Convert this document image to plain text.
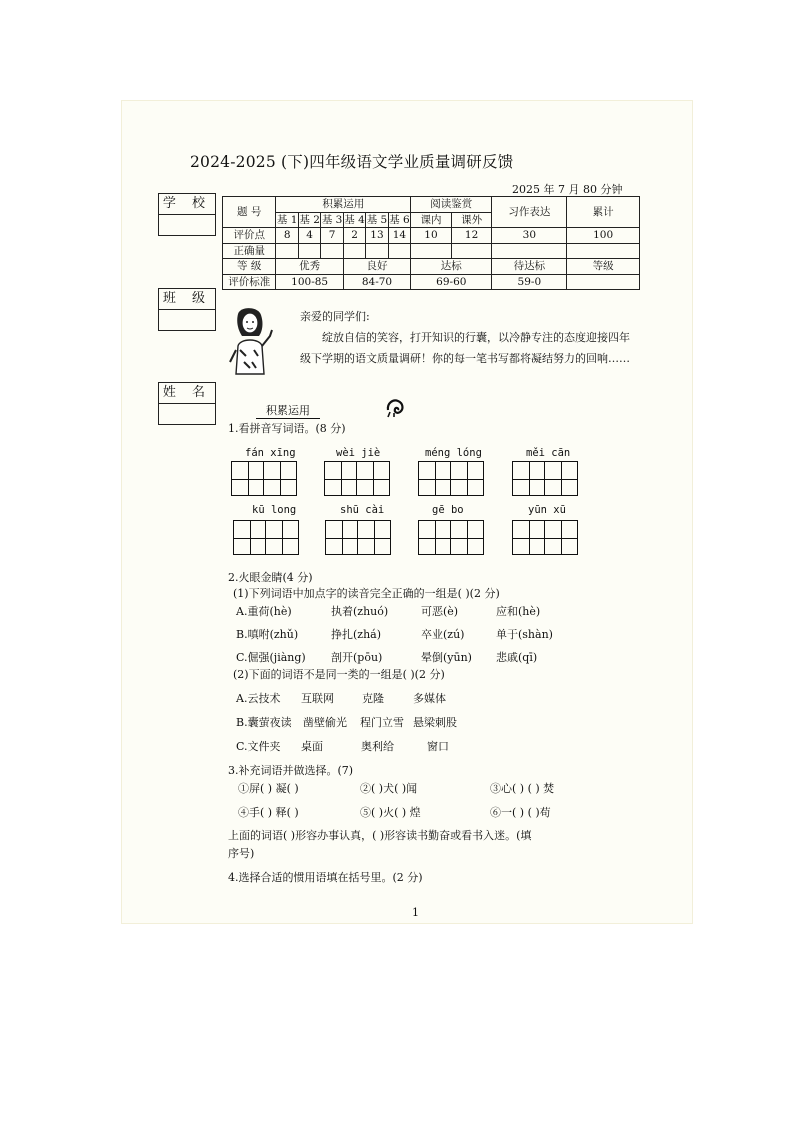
2024-2025 (下)四年级语文学业质量调研反馈
2025 年 7 月 80 分钟
学 校
班 级
姓 名
题 号	积累运用						阅读鉴赏		习作表达	累计
	基 1	基 2	基 3	基 4	基 5	基 6	课内	课外		
评价点	8	4	7	2	13	14	10	12	30	100
正确量										
等 级	优秀			良好			达标		待达标	等级
评价标准	100-85			84-70			69-60		59-0	

亲爱的同学们:

绽放自信的笑容，打开知识的行囊，以冷静专注的态度迎接四年级下学期的语文质量调研！你的每一笔书写都将凝结努力的回响……

积累运用
1.看拼音写词语。(8 分)
fán xīng	wèi jiè	méng lóng	měi cān
kū long	shū cài	gē bo	yūn xū
2.火眼金睛(4 分)
(1)下列词语中加点字的读音完全正确的一组是( )(2 分)
A.重荷(hè)	执着(zhuó)	可恶(è)	应和(hè)
B.嗔咐(zhǔ)	挣扎(zhá)	卒业(zú)	单于(shàn)
C.倔强(jiàng) 剖开(pōu)	晕倒(yūn) 悲戚(qī)
(2)下面的词语不是同一类的一组是( )(2 分)
A.云技术 互联网	克隆	多媒体
B.囊萤夜读 凿壁偷光 程门立雪 悬梁刺股
C.文件夹 桌面	奥利给	窗口
3.补充词语并做选择。(7)
①屏( ) 凝( )	②( )犬( )闻	③心( ) ( ) 焚
④手( ) 释( )	⑤( )火( ) 煌	⑥一( ) ( )苟
上面的词语( )形容办事认真，( )形容读书勤奋或看书入迷。(填
序号)
4.选择合适的惯用语填在括号里。(2 分)
1
